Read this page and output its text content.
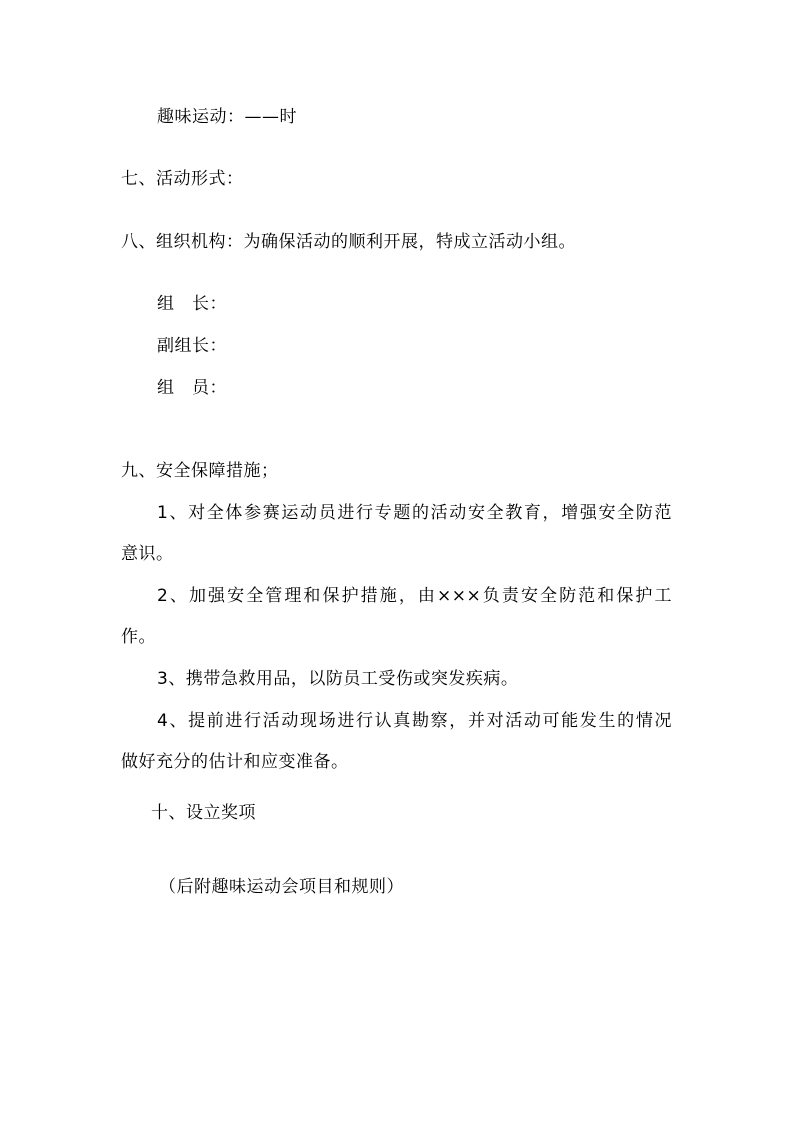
趣味运动：——时
七、活动形式：
八、组织机构：为确保活动的顺利开展，特成立活动小组。
组　长：
副组长：
组　员：
九、安全保障措施；
1、对全体参赛运动员进行专题的活动安全教育，增强安全防范
意识。
2、加强安全管理和保护措施，由×××负责安全防范和保护工
作。
3、携带急救用品，以防员工受伤或突发疾病。
4、提前进行活动现场进行认真勘察，并对活动可能发生的情况
做好充分的估计和应变准备。
十、设立奖项
（后附趣味运动会项目和规则）
